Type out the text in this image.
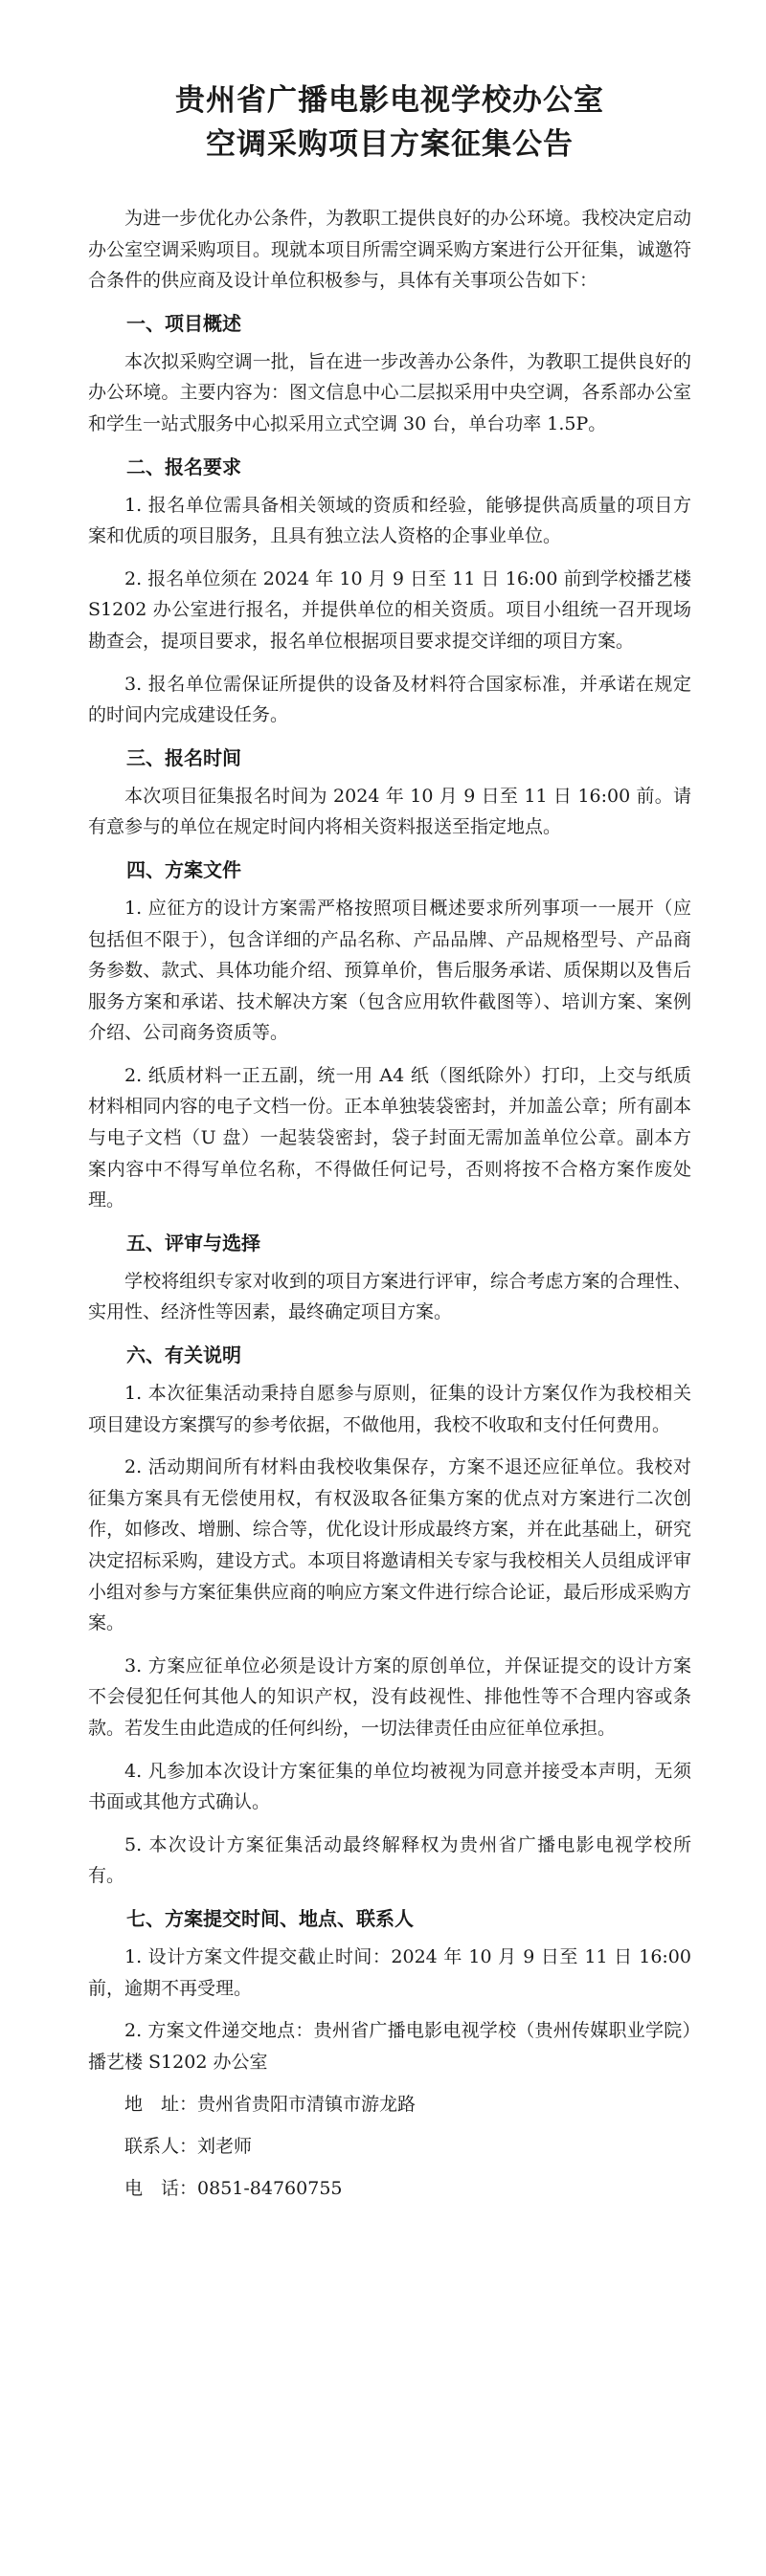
贵州省广播电影电视学校办公室
空调采购项目方案征集公告

为进一步优化办公条件，为教职工提供良好的办公环境。我校决定启动办公室空调采购项目。现就本项目所需空调采购方案进行公开征集，诚邀符合条件的供应商及设计单位积极参与，具体有关事项公告如下：

一、项目概述

本次拟采购空调一批，旨在进一步改善办公条件，为教职工提供良好的办公环境。主要内容为：图文信息中心二层拟采用中央空调，各系部办公室和学生一站式服务中心拟采用立式空调 30 台，单台功率 1.5P。

二、报名要求

1. 报名单位需具备相关领域的资质和经验，能够提供高质量的项目方案和优质的项目服务，且具有独立法人资格的企事业单位。

2. 报名单位须在 2024 年 10 月 9 日至 11 日 16:00 前到学校播艺楼 S1202 办公室进行报名，并提供单位的相关资质。项目小组统一召开现场勘查会，提项目要求，报名单位根据项目要求提交详细的项目方案。

3. 报名单位需保证所提供的设备及材料符合国家标准，并承诺在规定的时间内完成建设任务。

三、报名时间

本次项目征集报名时间为 2024 年 10 月 9 日至 11 日 16:00 前。请有意参与的单位在规定时间内将相关资料报送至指定地点。

四、方案文件

1. 应征方的设计方案需严格按照项目概述要求所列事项一一展开（应包括但不限于），包含详细的产品名称、产品品牌、产品规格型号、产品商务参数、款式、具体功能介绍、预算单价，售后服务承诺、质保期以及售后服务方案和承诺、技术解决方案（包含应用软件截图等）、培训方案、案例介绍、公司商务资质等。

2. 纸质材料一正五副，统一用 A4 纸（图纸除外）打印，上交与纸质材料相同内容的电子文档一份。正本单独装袋密封，并加盖公章；所有副本与电子文档（U 盘）一起装袋密封，袋子封面无需加盖单位公章。副本方案内容中不得写单位名称，不得做任何记号，否则将按不合格方案作废处理。

五、评审与选择

学校将组织专家对收到的项目方案进行评审，综合考虑方案的合理性、实用性、经济性等因素，最终确定项目方案。

六、有关说明

1. 本次征集活动秉持自愿参与原则，征集的设计方案仅作为我校相关项目建设方案撰写的参考依据，不做他用，我校不收取和支付任何费用。

2. 活动期间所有材料由我校收集保存，方案不退还应征单位。我校对征集方案具有无偿使用权，有权汲取各征集方案的优点对方案进行二次创作，如修改、增删、综合等，优化设计形成最终方案，并在此基础上，研究决定招标采购，建设方式。本项目将邀请相关专家与我校相关人员组成评审小组对参与方案征集供应商的响应方案文件进行综合论证，最后形成采购方案。

3. 方案应征单位必须是设计方案的原创单位，并保证提交的设计方案不会侵犯任何其他人的知识产权，没有歧视性、排他性等不合理内容或条款。若发生由此造成的任何纠纷，一切法律责任由应征单位承担。

4. 凡参加本次设计方案征集的单位均被视为同意并接受本声明，无须书面或其他方式确认。

5. 本次设计方案征集活动最终解释权为贵州省广播电影电视学校所有。

七、方案提交时间、地点、联系人

1. 设计方案文件提交截止时间：2024 年 10 月 9 日至 11 日 16:00 前，逾期不再受理。

2. 方案文件递交地点：贵州省广播电影电视学校（贵州传媒职业学院）播艺楼 S1202 办公室

地　址：贵州省贵阳市清镇市游龙路
联系人：刘老师
电　话：0851-84760755
